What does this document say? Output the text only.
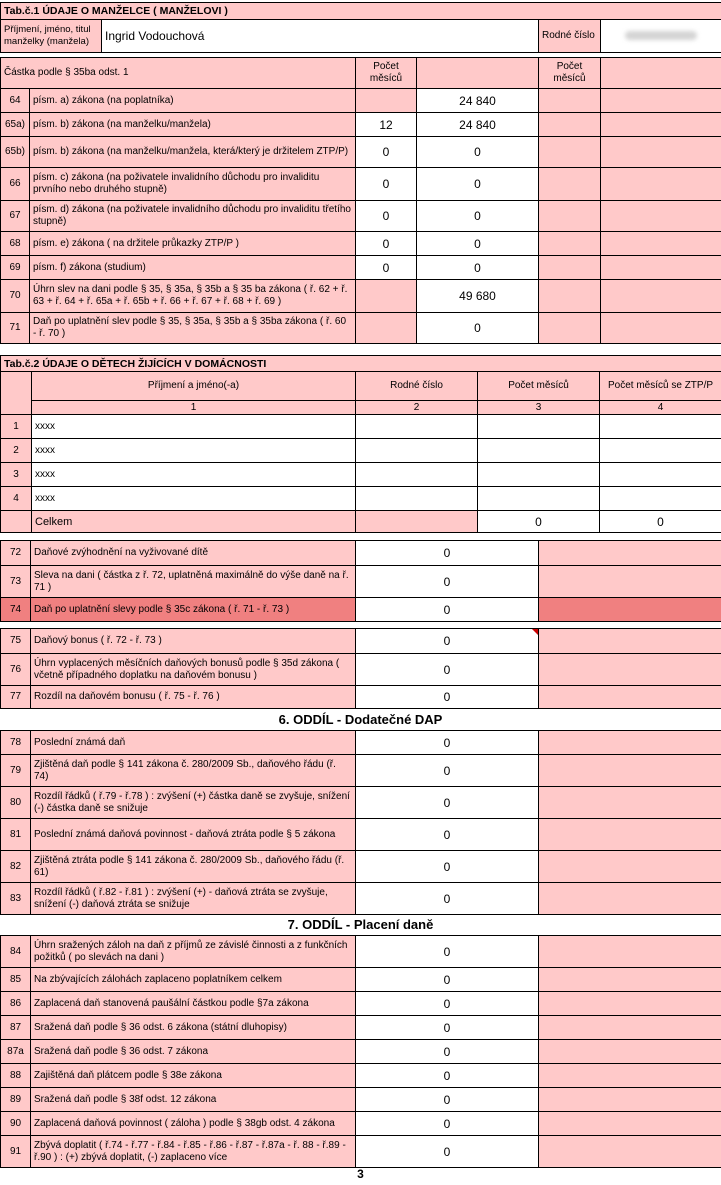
Tab.č.1 ÚDAJE O MANŽELCE ( MANŽELOVI )						
Příjmení, jméno, titul manželky (manžela)		Ingrid Vodouchová			Rodné číslo	

Částka podle § 35ba odst. 1			Počet měsíců		Počet měsíců	
64	písm. a) zákona (na poplatníka)			24 840		
65a)	písm. b) zákona (na manželku/manžela)		12	24 840		
65b)	písm. b) zákona (na manželku/manžela, která/který je držitelem ZTP/P)		0	0		
66	písm. c) zákona (na poživatele invalidního důchodu pro invaliditu prvního nebo druhého stupně)		0	0		
67	písm. d) zákona (na poživatele invalidního důchodu pro invaliditu třetího stupně)		0	0		
68	písm. e) zákona ( na držitele průkazky ZTP/P )		0	0		
69	písm. f) zákona (studium)		0	0		
70	Úhrn slev na dani podle § 35, § 35a, § 35b a § 35 ba zákona ( ř. 62 + ř. 63 + ř. 64 + ř. 65a + ř. 65b + ř. 66 + ř. 67 + ř. 68 + ř. 69 )			49 680		
71	Daň po uplatnění slev podle § 35, § 35a, § 35b a § 35ba zákona ( ř. 60 - ř. 70 )			0		
Tab.č.2 ÚDAJE O DĚTECH ŽIJÍCÍCH V DOMÁCNOSTI				
	Příjmení a jméno(-a)	Rodné číslo	Počet měsíců	Počet měsíců se ZTP/P
	1	2	3	4
1	xxxx			
2	xxxx			
3	xxxx			
4	xxxx			
	Celkem		0	0
72	Daňové zvýhodnění na vyživované dítě	0	
73	Sleva na dani ( částka z ř. 72, uplatněná maximálně do výše daně na ř. 71 )	0	
74	Daň po uplatnění slevy podle § 35c zákona ( ř. 71 - ř. 73 )	0	
75	Daňový bonus ( ř. 72 - ř. 73 )	0	
76	Úhrn vyplacených měsíčních daňových bonusů podle § 35d zákona ( včetně případného doplatku na daňovém bonusu )	0	
77	Rozdíl na daňovém bonusu ( ř. 75 - ř. 76 )	0	
6. ODDÍL - Dodatečné DAP
78	Poslední známá daň	0	
79	Zjištěná daň podle § 141 zákona č. 280/2009 Sb., daňového řádu (ř. 74)	0	
80	Rozdíl řádků ( ř.79 - ř.78 ) : zvýšení (+) částka daně se zvyšuje, snížení (-) částka daně se snižuje	0	
81	Poslední známá daňová povinnost - daňová ztráta podle § 5 zákona	0	
82	Zjištěná ztráta podle § 141 zákona č. 280/2009 Sb., daňového řádu (ř. 61)	0	
83	Rozdíl řádků ( ř.82 - ř.81 ) : zvýšení (+) - daňová ztráta se zvyšuje, snížení (-) daňová ztráta se snižuje	0	
7. ODDÍL - Placení daně
84	Úhrn sražených záloh na daň z příjmů ze závislé činnosti a z funkčních požitků ( po slevách na dani )	0	
85	Na zbývajících zálohách zaplaceno poplatníkem celkem	0	
86	Zaplacená daň stanovená paušální částkou podle §7a zákona	0	
87	Sražená daň podle § 36 odst. 6 zákona (státní dluhopisy)	0	
87a	Sražená daň podle § 36 odst. 7 zákona	0	
88	Zajištěná daň plátcem podle § 38e zákona	0	
89	Sražená daň podle § 38f odst. 12 zákona	0	
90	Zaplacená daňová povinnost ( záloha ) podle § 38gb odst. 4 zákona	0	
91	Zbývá doplatit ( ř.74 - ř.77 - ř.84 - ř.85 - ř.86 - ř.87 - ř.87a - ř. 88 - ř.89 - ř.90 ) : (+) zbývá doplatit, (-) zaplaceno více	0	
3
